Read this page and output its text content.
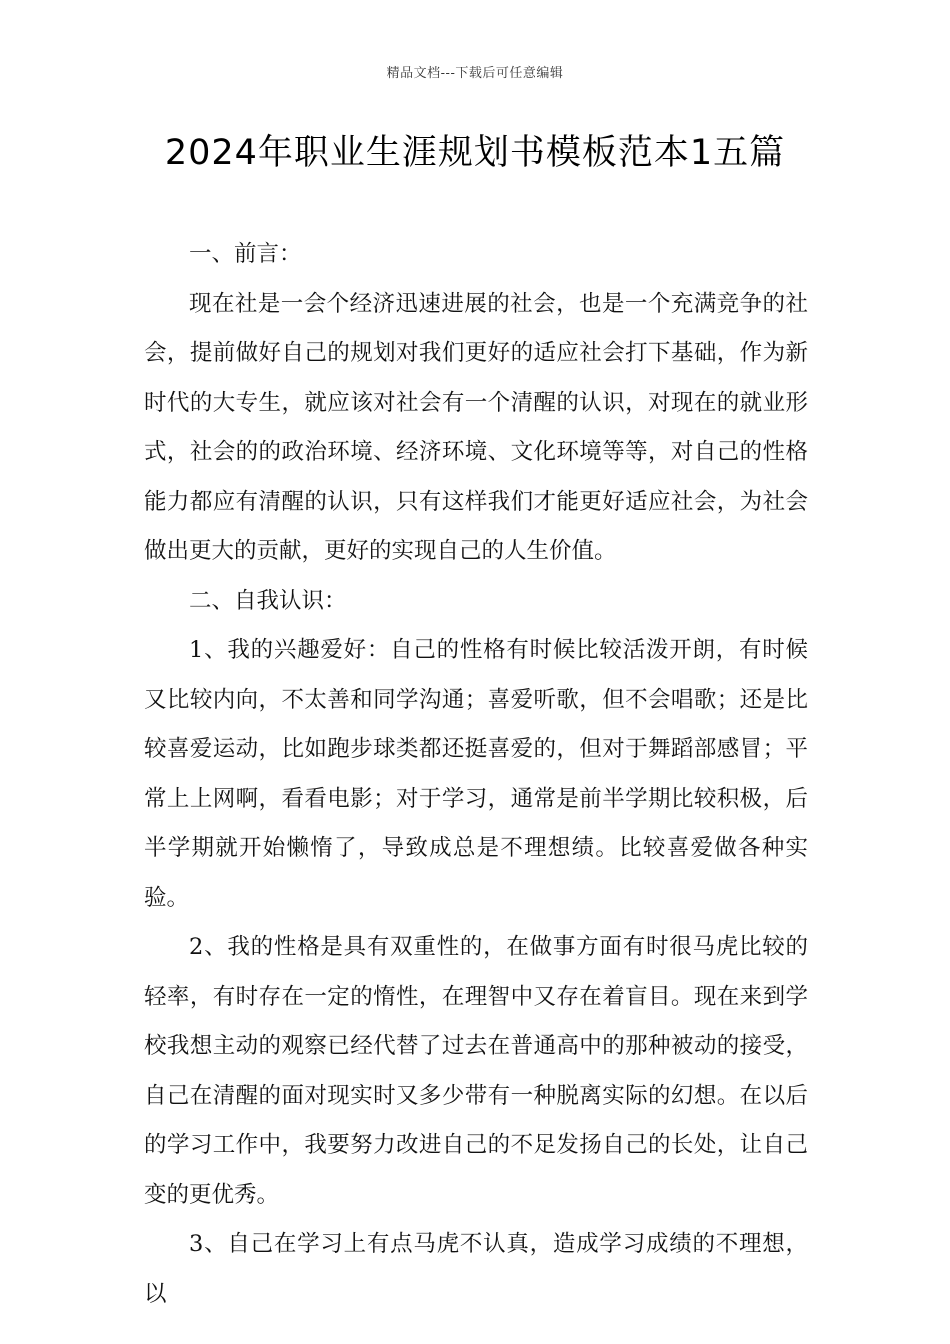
精品文档---下载后可任意编辑
2024年职业生涯规划书模板范本1五篇

一、前言：

现在社是一会个经济迅速进展的社会，也是一个充满竞争的社会，提前做好自己的规划对我们更好的适应社会打下基础，作为新时代的大专生，就应该对社会有一个清醒的认识，对现在的就业形式，社会的的政治环境、经济环境、文化环境等等，对自己的性格能力都应有清醒的认识，只有这样我们才能更好适应社会，为社会做出更大的贡献，更好的实现自己的人生价值。

二、自我认识：

1、我的兴趣爱好：自己的性格有时候比较活泼开朗，有时候又比较内向，不太善和同学沟通；喜爱听歌，但不会唱歌；还是比较喜爱运动，比如跑步球类都还挺喜爱的，但对于舞蹈部感冒；平常上上网啊，看看电影；对于学习，通常是前半学期比较积极，后半学期就开始懒惰了，导致成总是不理想绩。比较喜爱做各种实验。

2、我的性格是具有双重性的，在做事方面有时很马虎比较的轻率，有时存在一定的惰性，在理智中又存在着盲目。现在来到学校我想主动的观察已经代替了过去在普通高中的那种被动的接受，自己在清醒的面对现实时又多少带有一种脱离实际的幻想。在以后的学习工作中，我要努力改进自己的不足发扬自己的长处，让自己变的更优秀。

3、自己在学习上有点马虎不认真，造成学习成绩的不理想，以
